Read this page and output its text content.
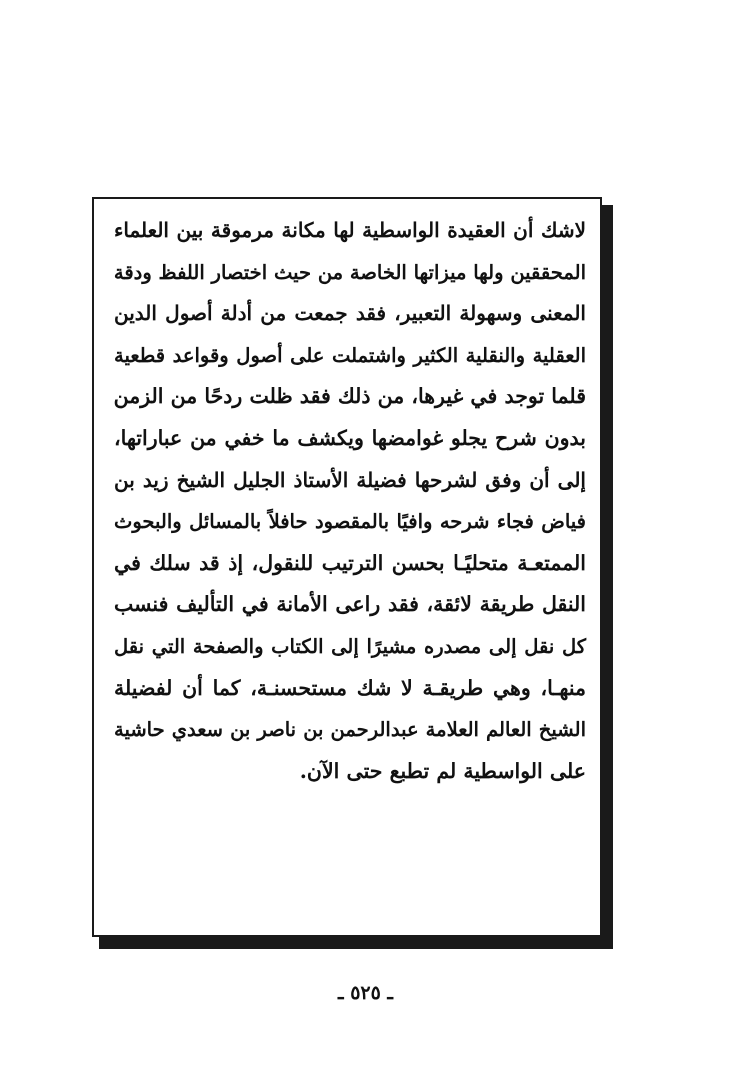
لاشك أن العقيدة الواسطية لها مكانة مرموقة بين العلماء
المحققين ولها ميزاتها الخاصة من حيث اختصار اللفظ ودقة
المعنى وسهولة التعبير، فقد جمعت من أدلة أصول الدين
العقلية والنقلية الكثير واشتملت على أصول وقواعد قطعية
قلما توجد في غيرها، من ذلك فقد ظلت ردحًا من الزمن
بدون شرح يجلو غوامضها ويكشف ما خفي من عباراتها،
إلى أن وفق لشرحها فضيلة الأستاذ الجليل الشيخ زيد بن
فياض فجاء شرحه وافيًا بالمقصود حافلاً بالمسائل والبحوث
الممتعـة متحليًـا بحسن الترتيب للنقول، إذ قد سلك في
النقل طريقة لائقة، فقد راعى الأمانة في التأليف فنسب
كل نقل إلى مصدره مشيرًا إلى الكتاب والصفحة التي نقل
منهـا، وهي طريقـة لا شك مستحسنـة، كما أن لفضيلة
الشيخ العالم العلامة عبدالرحمن بن ناصر بن سعدي حاشية
على الواسطية لم تطبع حتى الآن.
ـ ٥٢٥ ـ
